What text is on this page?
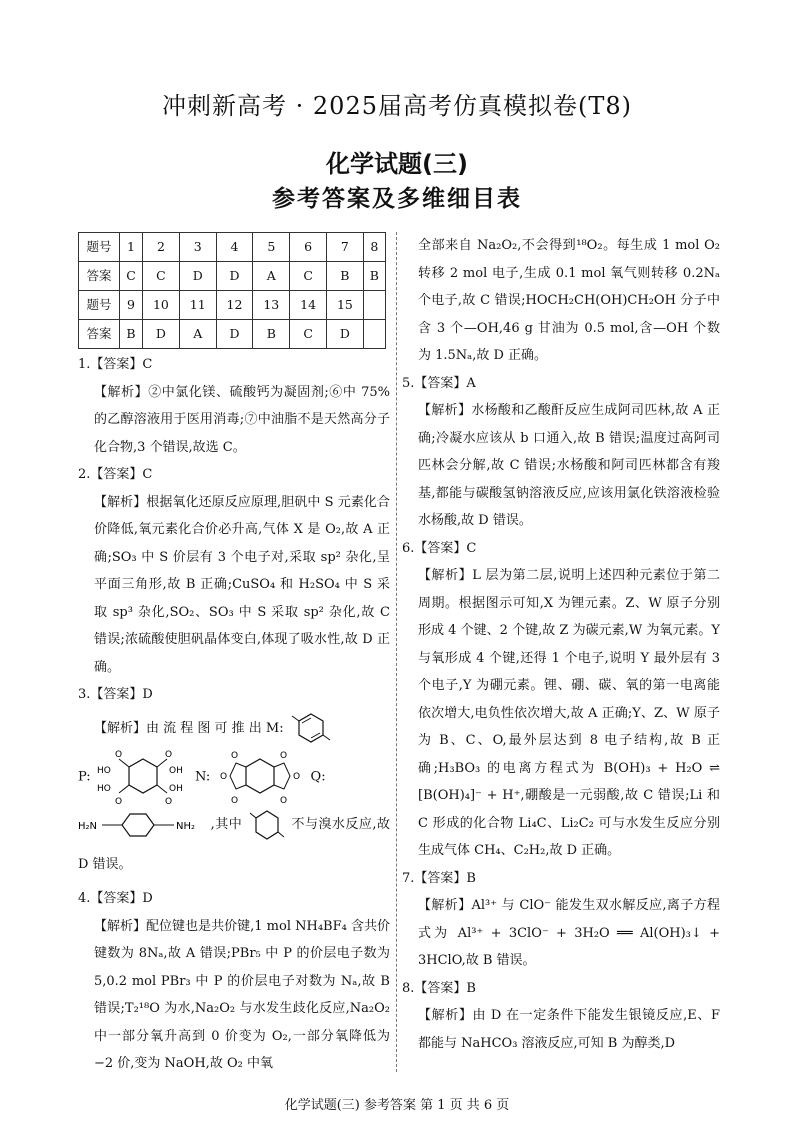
冲刺新高考 · 2025届高考仿真模拟卷(T8)
化学试题(三)
参考答案及多维细目表
题号	1	2	3	4	5	6	7	8
答案	C	C	D	D	A	C	B	B
题号	9	10	11	12	13	14	15	
答案	B	D	A	D	B	C	D	

1.【答案】C

【解析】②中氯化镁、硫酸钙为凝固剂;⑥中 75% 的乙醇溶液用于医用消毒;⑦中油脂不是天然高分子化合物,3 个错误,故选 C。

2.【答案】C

【解析】根据氧化还原反应原理,胆矾中 S 元素化合价降低,氧元素化合价必升高,气体 X 是 O₂,故 A 正确;SO₃ 中 S 价层有 3 个电子对,采取 sp² 杂化,呈平面三角形,故 B 正确;CuSO₄ 和 H₂SO₄ 中 S 采取 sp³ 杂化,SO₂、SO₃ 中 S 采取 sp² 杂化,故 C 错误;浓硫酸使胆矾晶体变白,体现了吸水性,故 D 正确。

3.【答案】D

【解析】由 流 程 图 可 推 出 M:

P: HO
HO
OH
OH
O	O
O	O
N:
O	O
O	O
O	O Q:

H₂N	NH₂ ,其中	不与溴水反应,故 D 错误。

4.【答案】D

【解析】配位键也是共价键,1 mol NH₄BF₄ 含共价键数为 8Nₐ,故 A 错误;PBr₅ 中 P 的价层电子数为 5,0.2 mol PBr₃ 中 P 的价层电子对数为 Nₐ,故 B 错误;T₂¹⁸O 为水,Na₂O₂ 与水发生歧化反应,Na₂O₂ 中一部分氧升高到 0 价变为 O₂,一部分氧降低为 −2 价,变为 NaOH,故 O₂ 中氧

全部来自 Na₂O₂,不会得到¹⁸O₂。每生成 1 mol O₂ 转移 2 mol 电子,生成 0.1 mol 氧气则转移 0.2Nₐ 个电子,故 C 错误;HOCH₂CH(OH)CH₂OH 分子中含 3 个—OH,46 g 甘油为 0.5 mol,含—OH 个数为 1.5Nₐ,故 D 正确。

5.【答案】A

【解析】水杨酸和乙酸酐反应生成阿司匹林,故 A 正确;冷凝水应该从 b 口通入,故 B 错误;温度过高阿司匹林会分解,故 C 错误;水杨酸和阿司匹林都含有羧基,都能与碳酸氢钠溶液反应,应该用氯化铁溶液检验水杨酸,故 D 错误。

6.【答案】C

【解析】L 层为第二层,说明上述四种元素位于第二周期。根据图示可知,X 为锂元素。Z、W 原子分别形成 4 个键、2 个键,故 Z 为碳元素,W 为氧元素。Y 与氧形成 4 个键,还得 1 个电子,说明 Y 最外层有 3 个电子,Y 为硼元素。锂、硼、碳、氧的第一电离能依次增大,电负性依次增大,故 A 正确;Y、Z、W 原子为 B、C、O,最外层达到 8 电子结构,故 B 正确;H₃BO₃ 的电离方程式为 B(OH)₃ + H₂O ⇌ [B(OH)₄]⁻ + H⁺,硼酸是一元弱酸,故 C 错误;Li 和 C 形成的化合物 Li₄C、Li₂C₂ 可与水发生反应分别生成气体 CH₄、C₂H₂,故 D 正确。

7.【答案】B

【解析】Al³⁺ 与 ClO⁻ 能发生双水解反应,离子方程式为 Al³⁺ + 3ClO⁻ + 3H₂O ══ Al(OH)₃↓ + 3HClO,故 B 错误。

8.【答案】B

【解析】由 D 在一定条件下能发生银镜反应,E、F 都能与 NaHCO₃ 溶液反应,可知 B 为醇类,D

化学试题(三) 参考答案 第 1 页 共 6 页
